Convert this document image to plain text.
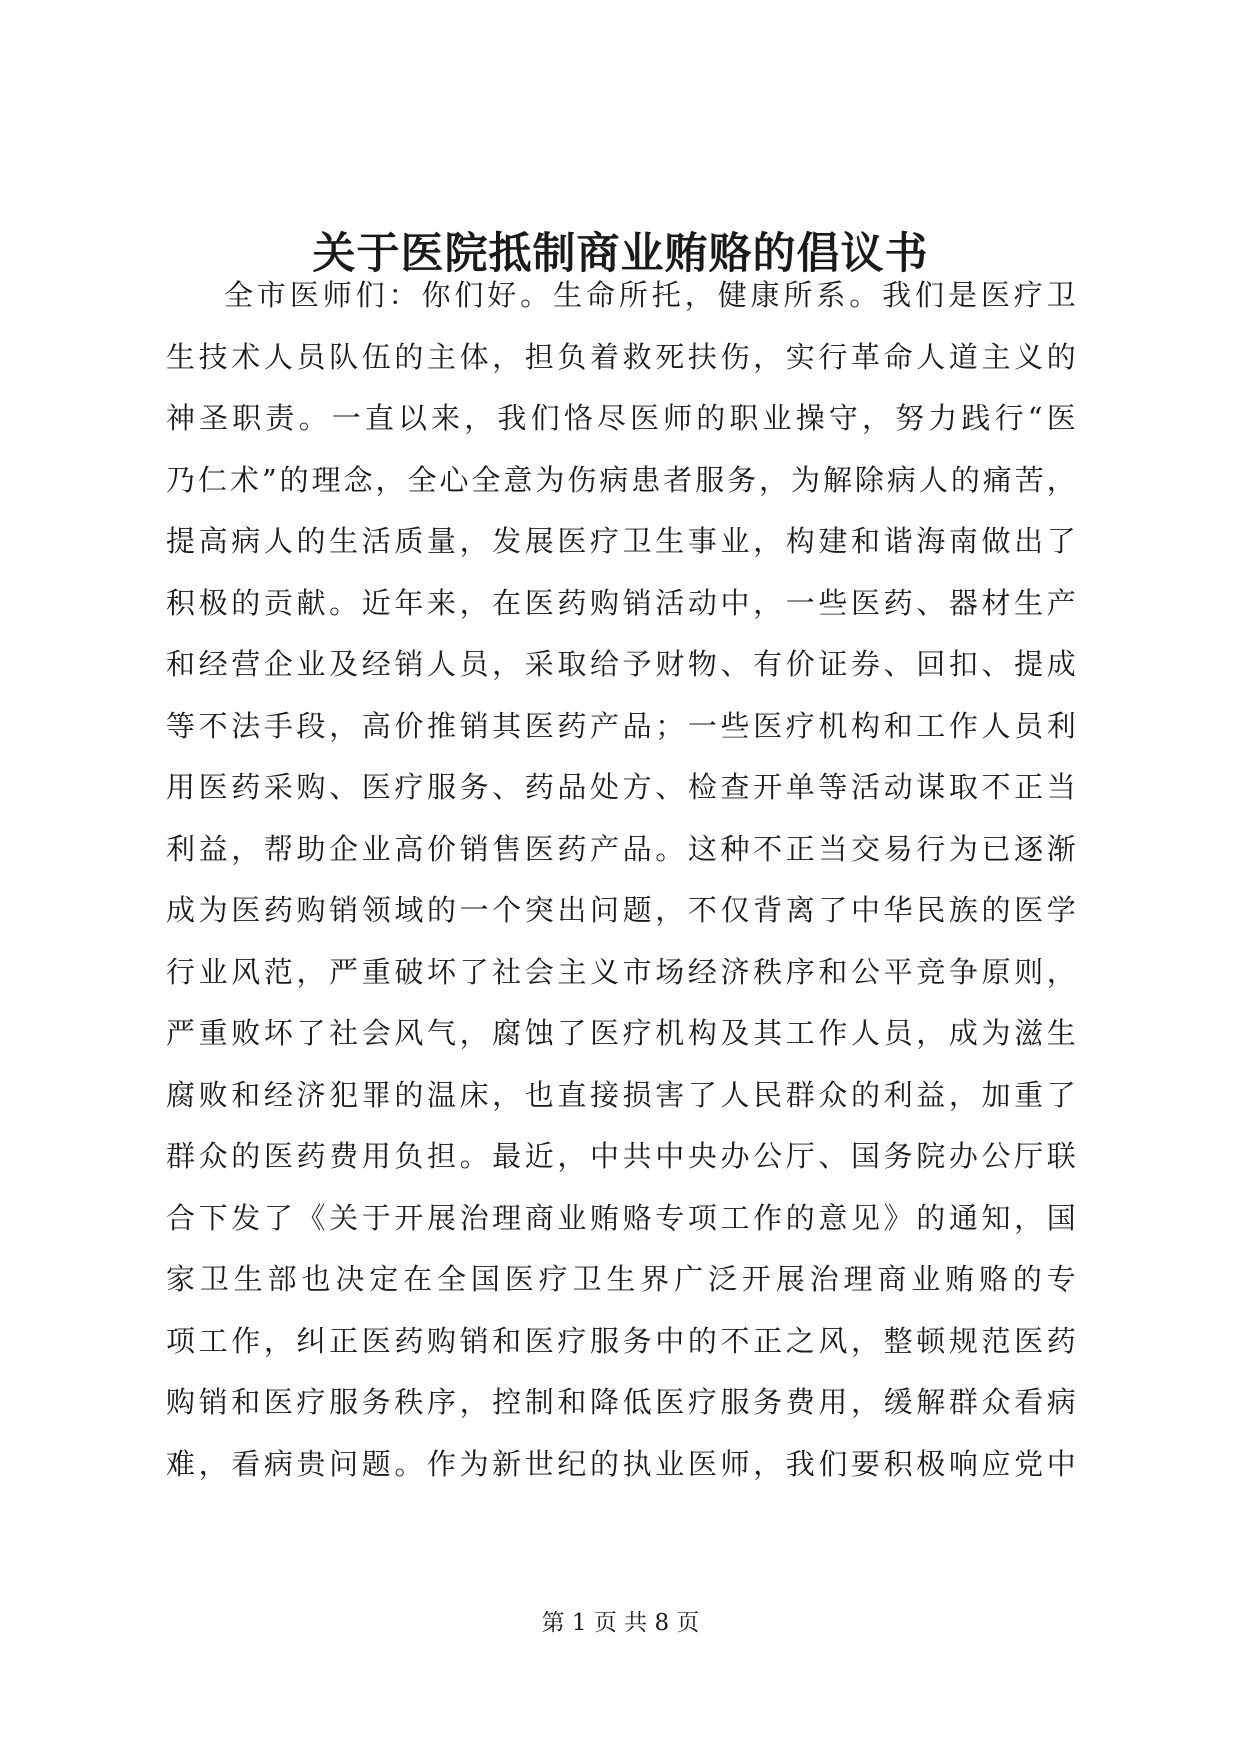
关于医院抵制商业贿赂的倡议书
全市医师们：你们好。生命所托，健康所系。我们是医疗卫
生技术人员队伍的主体，担负着救死扶伤，实行革命人道主义的
神圣职责。一直以来，我们恪尽医师的职业操守，努力践行“医
乃仁术”的理念，全心全意为伤病患者服务，为解除病人的痛苦，
提高病人的生活质量，发展医疗卫生事业，构建和谐海南做出了
积极的贡献。近年来，在医药购销活动中，一些医药、器材生产
和经营企业及经销人员，采取给予财物、有价证券、回扣、提成
等不法手段，高价推销其医药产品；一些医疗机构和工作人员利
用医药采购、医疗服务、药品处方、检查开单等活动谋取不正当
利益，帮助企业高价销售医药产品。这种不正当交易行为已逐渐
成为医药购销领域的一个突出问题，不仅背离了中华民族的医学
行业风范，严重破坏了社会主义市场经济秩序和公平竞争原则，
严重败坏了社会风气，腐蚀了医疗机构及其工作人员，成为滋生
腐败和经济犯罪的温床，也直接损害了人民群众的利益，加重了
群众的医药费用负担。最近，中共中央办公厅、国务院办公厅联
合下发了《关于开展治理商业贿赂专项工作的意见》的通知，国
家卫生部也决定在全国医疗卫生界广泛开展治理商业贿赂的专
项工作，纠正医药购销和医疗服务中的不正之风，整顿规范医药
购销和医疗服务秩序，控制和降低医疗服务费用，缓解群众看病
难，看病贵问题。作为新世纪的执业医师，我们要积极响应党中

第 1 页 共 8 页
